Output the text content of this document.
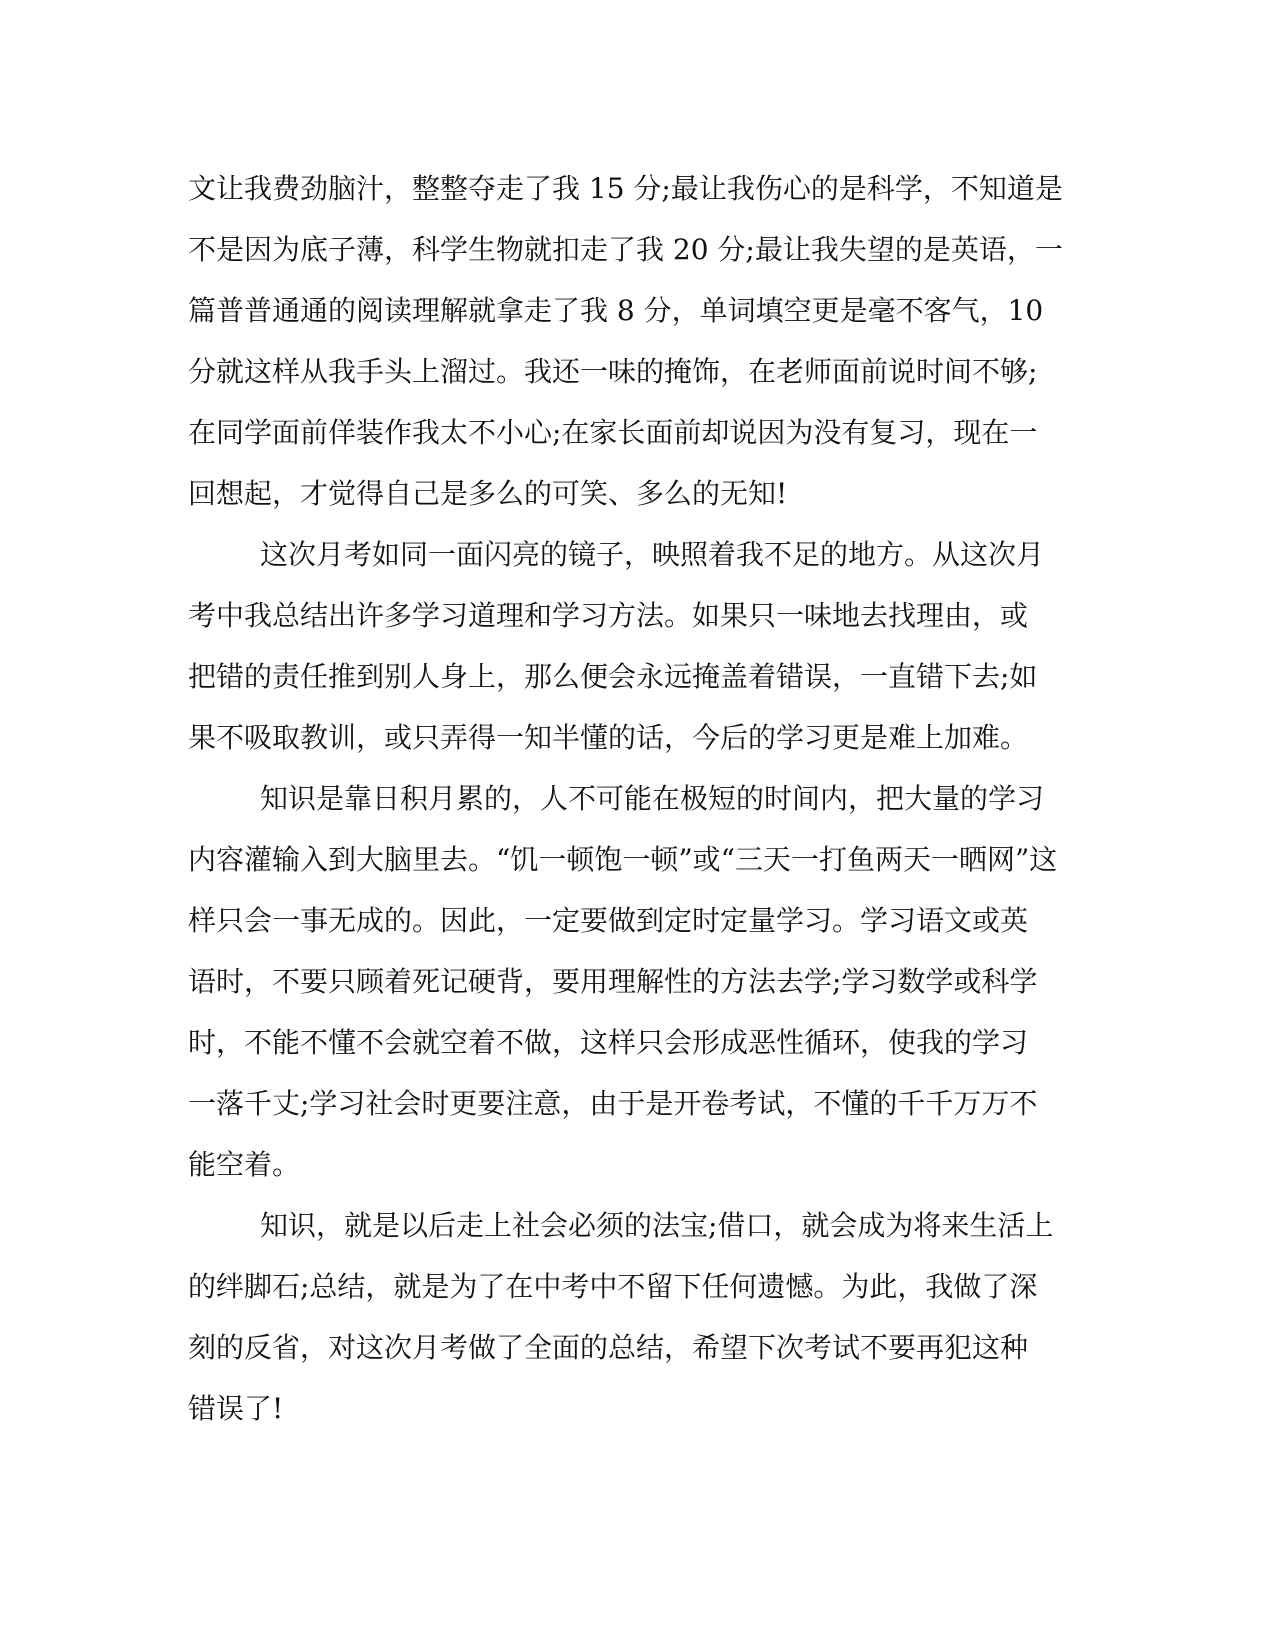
文让我费劲脑汁，整整夺走了我 15 分;最让我伤心的是科学，不知道是
不是因为底子薄，科学生物就扣走了我 20 分;最让我失望的是英语，一
篇普普通通的阅读理解就拿走了我 8 分，单词填空更是毫不客气，10
分就这样从我手头上溜过。我还一味的掩饰，在老师面前说时间不够;
在同学面前佯装作我太不小心;在家长面前却说因为没有复习，现在一
回想起，才觉得自己是多么的可笑、多么的无知!
这次月考如同一面闪亮的镜子，映照着我不足的地方。从这次月
考中我总结出许多学习道理和学习方法。如果只一味地去找理由，或
把错的责任推到别人身上，那么便会永远掩盖着错误，一直错下去;如
果不吸取教训，或只弄得一知半懂的话，今后的学习更是难上加难。
知识是靠日积月累的，人不可能在极短的时间内，把大量的学习
内容灌输入到大脑里去。“饥一顿饱一顿”或“三天一打鱼两天一晒网”这
样只会一事无成的。因此，一定要做到定时定量学习。学习语文或英
语时，不要只顾着死记硬背，要用理解性的方法去学;学习数学或科学
时，不能不懂不会就空着不做，这样只会形成恶性循环，使我的学习
一落千丈;学习社会时更要注意，由于是开卷考试，不懂的千千万万不
能空着。
知识，就是以后走上社会必须的法宝;借口，就会成为将来生活上
的绊脚石;总结，就是为了在中考中不留下任何遗憾。为此，我做了深
刻的反省，对这次月考做了全面的总结，希望下次考试不要再犯这种
错误了!
